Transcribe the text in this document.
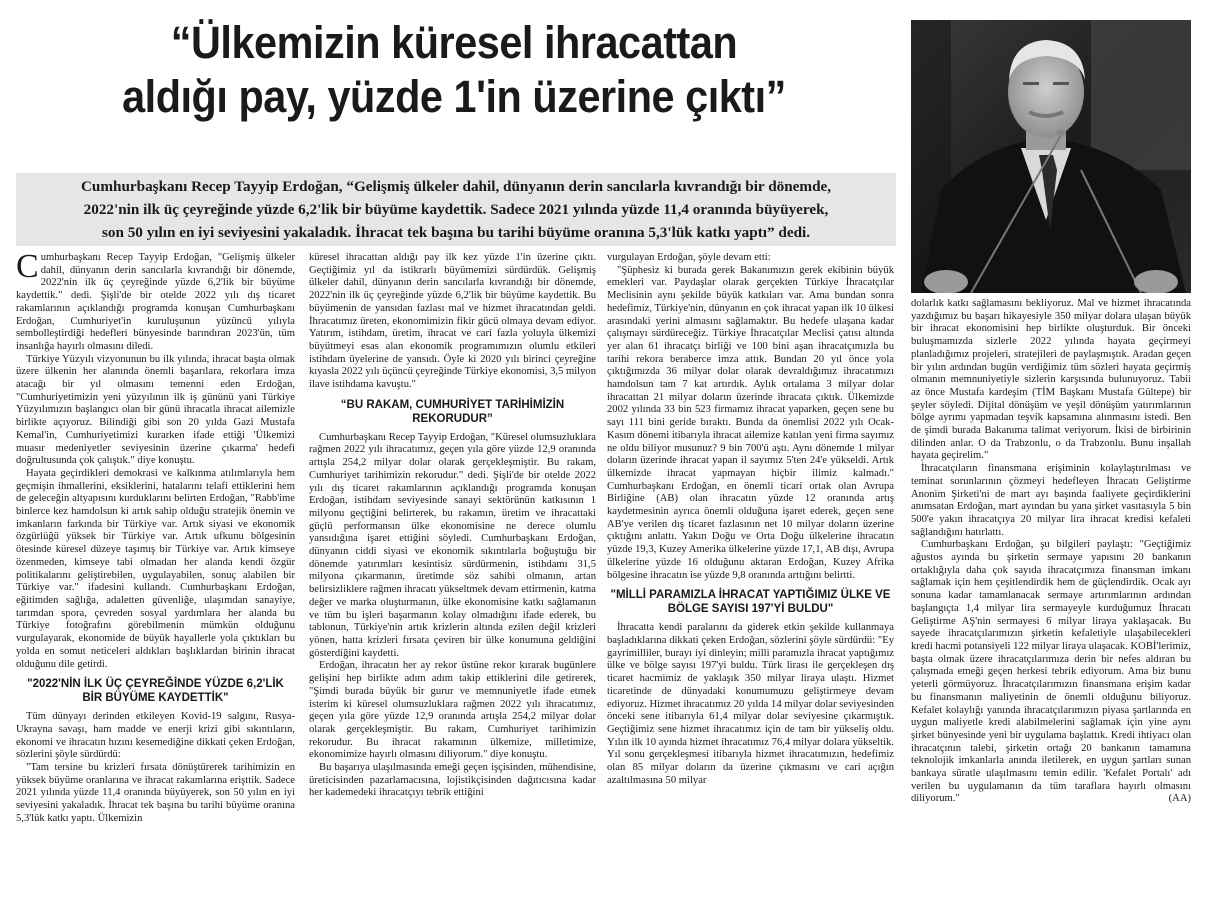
“Ülkemizin küresel ihracattan
aldığı pay, yüzde 1'in üzerine çıktı”

Cumhurbaşkanı Recep Tayyip Erdoğan, “Gelişmiş ülkeler dahil, dünyanın derin sancılarla kıvrandığı bir dönemde,
2022'nin ilk üç çeyreğinde yüzde 6,2'lik bir büyüme kaydettik. Sadece 2021 yılında yüzde 11,4 oranında büyüyerek,
son 50 yılın en iyi seviyesini yakaladık. İhracat tek başına bu tarihi büyüme oranına 5,3'lük katkı yaptı” dedi.

Cumhurbaşkanı Recep Tayyip Erdoğan, "Gelişmiş ülkeler dahil, dünyanın derin sancılarla kıvrandığı bir dönemde, 2022'nin ilk üç çeyreğinde yüzde 6,2'lik bir büyüme kaydettik." dedi. Şişli'de bir otelde 2022 yılı dış ticaret rakamlarının açıklandığı programda konuşan Cumhurbaşkanı Erdoğan, Cumhuriyet'in kuruluşunun yüzüncü yılıyla sembolleştirdiği hedefleri bünyesinde barındıran 2023'ün, tüm insanlığa hayırlı olmasını diledi.

Türkiye Yüzyılı vizyonunun bu ilk yılında, ihracat başta olmak üzere ülkenin her alanında önemli başarılara, rekorlara imza atacağı bir yıl olmasını temenni eden Erdoğan, "Cumhuriyetimizin yeni yüzyılının ilk iş gününü yani Türkiye Yüzyılımızın başlangıcı olan bir günü ihracatla ihracat ailemizle birlikte açıyoruz. Bilindiği gibi son 20 yılda Gazi Mustafa Kemal'in, Cumhuriyetimizi kurarken ifade ettiği 'Ülkemizi muasır medeniyetler seviyesinin üzerine çıkarma' hedefi doğrultusunda çok çalıştık." diye konuştu.

Hayata geçirdikleri demokrasi ve kalkınma atılımlarıyla hem geçmişin ihmallerini, eksiklerini, hatalarını telafi ettiklerini hem de geleceğin altyapısını kurduklarını belirten Erdoğan, "Rabb'ime binlerce kez hamdolsun ki artık sahip olduğu stratejik önemin ve imkanların farkında bir Türkiye var. Artık siyasi ve ekonomik özgürlüğü yüksek bir Türkiye var. Artık ufkunu bölgesinin ötesinde küresel düzeye taşımış bir Türkiye var. Artık kimseye özenmeden, kimseye tabi olmadan her alanda kendi özgür politikalarını geliştirebilen, uygulayabilen, sonuç alabilen bir Türkiye var." ifadesini kullandı. Cumhurbaşkanı Erdoğan, eğitimden sağlığa, adaletten güvenliğe, ulaşımdan sanayiye, tarımdan spora, çevreden sosyal yardımlara her alanda bu Türkiye fotoğrafını görebilmenin mümkün olduğunu vurgulayarak, ekonomide de büyük hayallerle yola çıktıkları bu yolda en somut neticeleri aldıkları başlıklardan birinin ihracat olduğunu dile getirdi.

"2022'NİN İLK ÜÇ ÇEYREĞİNDE YÜZDE 6,2'LİK BİR BÜYÜME KAYDETTİK"

Tüm dünyayı derinden etkileyen Kovid-19 salgını, Rusya-Ukrayna savaşı, ham madde ve enerji krizi gibi sıkıntıların, ekonomi ve ihracatın hızını kesemediğine dikkati çeken Erdoğan, sözlerini şöyle sürdürdü:

"Tam tersine bu krizleri fırsata dönüştürerek tarihimizin en yüksek büyüme oranlarına ve ihracat rakamlarına erişttik. Sadece 2021 yılında yüzde 11,4 oranında büyüyerek, son 50 yılın en iyi seviyesini yakaladık. İhracat tek başına bu tarihi büyüme oranına 5,3'lük katkı yaptı. Ülkemizin

küresel ihracattan aldığı pay ilk kez yüzde 1'in üzerine çıktı. Geçtiğimiz yıl da istikrarlı büyümemizi sürdürdük. Gelişmiş ülkeler dahil, dünyanın derin sancılarla kıvrandığı bir dönemde, 2022'nin ilk üç çeyreğinde yüzde 6,2'lik bir büyüme kaydettik. Bu büyümenin de yansıdan fazlası mal ve hizmet ihracatından geldi. İhracatımız üreten, ekonomimizin fikir gücü olmaya devam ediyor. Yatırım, istihdam, üretim, ihracat ve cari fazla yoluyla ülkemizi büyütmeyi esas alan ekonomik programımızın olumlu etkileri istihdam üyelerine de yansıdı. Öyle ki 2020 yılı birinci çeyreğine kıyasla 2022 yılı üçüncü çeyreğinde Türkiye ekonomisi, 3,5 milyon ilave istihdama kavuştu."

“BU RAKAM, CUMHURİYET TARİHİMİZİN REKORUDUR”

Cumhurbaşkanı Recep Tayyip Erdoğan, "Küresel olumsuzluklara rağmen 2022 yılı ihracatımız, geçen yıla göre yüzde 12,9 oranında artışla 254,2 milyar dolar olarak gerçekleşmiştir. Bu rakam, Cumhuriyet tarihimizin rekorudur." dedi. Şişli'de bir otelde 2022 yılı dış ticaret rakamlarının açıklandığı programda konuşan Erdoğan, istihdam seviyesinde sanayi sektörünün katkısının 1 milyonu geçtiğini belirterek, bu rakamın, üretim ve ihracattaki güçlü performansın ülke ekonomisine ne derece olumlu yansıdığına işaret ettiğini söyledi. Cumhurbaşkanı Erdoğan, dünyanın ciddi siyasi ve ekonomik sıkıntılarla boğuştuğu bir dönemde yatırımları kesintisiz sürdürmenin, istihdamı 31,5 milyona çıkarmanın, üretimde söz sahibi olmanın, artan belirsizliklere rağmen ihracatı yükseltmek devam ettirmenin, katma değer ve marka oluşturmanın, ülke ekonomisine katkı sağlamanın ve tüm bu işleri başarmanın kolay olmadığını ifade ederek, bu tablonun, Türkiye'nin artık krizlerin altında ezilen değil krizleri yönen, hatta krizleri fırsata çeviren bir ülke konumuna geldiğini gösterdiğini kaydetti.

Erdoğan, ihracatın her ay rekor üstüne rekor kırarak bugünlere gelişini hep birlikte adım adım takip ettiklerini dile getirerek, "Şimdi burada büyük bir gurur ve memnuniyetle ifade etmek isterim ki küresel olumsuzluklara rağmen 2022 yılı ihracatımız, geçen yıla göre yüzde 12,9 oranında artışla 254,2 milyar dolar olarak gerçekleşmiştir. Bu rakam, Cumhuriyet tarihimizin rekorudur. Bu ihracat rakamının ülkemize, milletimize, ekonomimize hayırlı olmasını diliyorum." diye konuştu.

Bu başarıya ulaşılmasında emeği geçen işçisinden, mühendisine, üreticisinden pazarlamacısına, lojistikçisinden dağıtıcısına kadar her kademedeki ihracatçıyı tebrik ettiğini

vurgulayan Erdoğan, şöyle devam etti:

"Şüphesiz ki burada gerek Bakanımızın gerek ekibinin büyük emekleri var. Paydaşlar olarak gerçekten Türkiye İhracatçılar Meclisinin aynı şekilde büyük katkıları var. Ama bundan sonra hedefimiz, Türkiye'nin, dünyanın en çok ihracat yapan ilk 10 ülkesi arasındaki yerini almasını sağlamaktır. Bu hedefe ulaşana kadar çalışmayı sürdüreceğiz. Türkiye İhracatçılar Meclisi çatısı altında yer alan 61 ihracatçı birliği ve 100 bini aşan ihracatçımızla bu tarihi rekora beraberce imza attık. Bundan 20 yıl önce yola çıktığımızda 36 milyar dolar olarak devraldığımız ihracatımızı hamdolsun tam 7 kat artırdık. Aylık ortalama 3 milyar dolar ihracattan 21 milyar doların üzerinde ihracata çıktık. Ülkemizde 2002 yılında 33 bin 523 firmamız ihracat yaparken, geçen sene bu sayı 111 bini geride bıraktı. Bunda da önemlisi 2022 yılı Ocak-Kasım dönemi itibarıyla ihracat ailemize katılan yeni firma sayımız ne oldu biliyor musunuz? 9 bin 700'ü aştı. Aynı dönemde 1 milyar doların üzerinde ihracat yapan il sayımız 5'ten 24'e yükseldi. Artık ülkemizde ihracat yapmayan hiçbir ilimiz kalmadı." Cumhurbaşkanı Erdoğan, en önemli ticari ortak olan Avrupa Birliğine (AB) olan ihracatın yüzde 12 oranında artış kaydetmesinin ayrıca önemli olduğuna işaret ederek, geçen sene AB'ye verilen dış ticaret fazlasının net 10 milyar doların üzerine çıktığını anlattı. Yakın Doğu ve Orta Doğu ülkelerine ihracatın yüzde 19,3, Kuzey Amerika ülkelerine yüzde 17,1, AB dışı, Avrupa ülkelerine yüzde 16 olduğunu aktaran Erdoğan, Kuzey Afrika bölgesine ihracatın ise yüzde 9,8 oranında arttığını belirtti.

"MİLLİ PARAMIZLA İHRACAT YAPTIĞIMIZ ÜLKE VE BÖLGE SAYISI 197'Yİ BULDU"

İhracatta kendi paralarını da giderek etkin şekilde kullanmaya başladıklarına dikkati çeken Erdoğan, sözlerini şöyle sürdürdü: "Ey gayrimilliler, burayı iyi dinleyin; milli paramızla ihracat yaptığımız ülke ve bölge sayısı 197'yi buldu. Türk lirası ile gerçekleşen dış ticaret hacmimiz de yaklaşık 350 milyar liraya ulaştı. Hizmet ticaretinde de dünyadaki konumumuzu geliştirmeye devam ediyoruz. Hizmet ihracatımız 20 yılda 14 milyar dolar seviyesinden önceki sene itibarıyla 61,4 milyar dolar seviyesine çıkarmıştık. Geçtiğimiz sene hizmet ihracatımız için de tam bir yükseliş oldu. Yılın ilk 10 ayında hizmet ihracatımız 76,4 milyar dolara yükseltik. Yıl sonu gerçekleşmesi itibarıyla hizmet ihracatımızın, hedefimiz olan 85 milyar doların da üzerine çıkmasını ve cari açığın azaltılmasına 50 milyar

dolarlık katkı sağlamasını bekliyoruz. Mal ve hizmet ihracatında yazdığımız bu başarı hikayesiyle 350 milyar dolara ulaşan büyük bir ihracat ekonomisini hep birlikte oluşturduk. Bir önceki buluşmamızda sizlerle 2022 yılında hayata geçirmeyi planladığımız projeleri, stratejileri de paylaşmıştık. Aradan geçen bir yılın ardından bugün verdiğimiz tüm sözleri hayata geçirmiş olmanın memnuniyetiyle sizlerin karşısında bulunuyoruz. Tabii az önce Mustafa kardeşim (TİM Başkanı Mustafa Gültepe) bir şeyler söyledi. Dijital dönüşüm ve yeşil dönüşüm yatırımlarının bölge ayrımı yapmadan teşvik kapsamına alınmasını istedi. Ben de şimdi burada Bakanıma talimat veriyorum. İkisi de birbirinin dilinden anlar. O da Trabzonlu, o da Trabzonlu. Bunu inşallah hayata geçirelim."

İhracatçıların finansmana erişiminin kolaylaştırılması ve teminat sorunlarının çözmeyi hedefleyen İhracatı Geliştirme Anonim Şirketi'ni de mart ayı başında faaliyete geçirdiklerini anımsatan Erdoğan, mart ayından bu yana şirket vasıtasıyla 5 bin 500'e yakın ihracatçıya 20 milyar lira ihracat kredisi kefaleti sağlandığını hatırlattı.

Cumhurbaşkanı Erdoğan, şu bilgileri paylaştı: "Geçtiğimiz ağustos ayında bu şirketin sermaye yapısını 20 bankanın ortaklığıyla daha çok sayıda ihracatçımıza finansman imkanı sağlamak için hem çeşitlendirdik hem de güçlendirdik. Ocak ayı sonuna kadar tamamlanacak sermaye artırımlarının ardından başlangıçta 1,4 milyar lira sermayeyle kurduğumuz İhracatı Geliştirme AŞ'nin sermayesi 6 milyar liraya yaklaşacak. Bu sayede ihracatçılarımızın şirketin kefaletiyle ulaşabilecekleri kredi hacmi potansiyeli 122 milyar liraya ulaşacak. KOBİ'lerimiz, başta olmak üzere ihracatçılarımıza derin bir nefes aldıran bu çalışmada emeği geçen herkesi tebrik ediyorum. Ama biz bunu yeterli görmüyoruz. İhracatçılarımızın finansmana erişim kadar bu finansmanın maliyetinin de önemli olduğunu biliyoruz. Kefalet kolaylığı yanında ihracatçılarımızın piyasa şartlarında en uygun maliyetle kredi alabilmelerini sağlamak için yine aynı şirket bünyesinde yeni bir uygulama başlattık. Kredi ihtiyacı olan ihracatçının talebi, şirketin ortağı 20 bankanın tamamına teknolojik imkanlarla anında iletilerek, en uygun şartları sunan bankaya süratle ulaşılmasını temin edilir. 'Kefalet Portalı' adı verilen bu uygulamanın da tüm taraflara hayırlı olmasını diliyorum."	(AA)
